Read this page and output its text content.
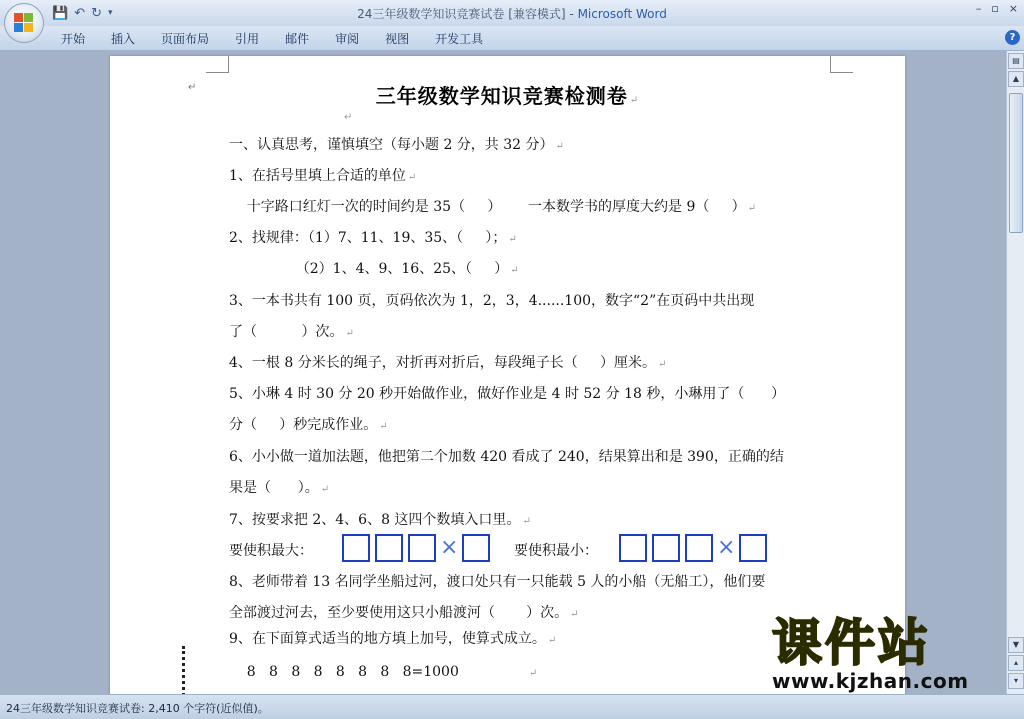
💾 ↶ ↻ ▾	24三年级数学知识竞赛试卷 [兼容模式] - Microsoft Word	– ▫ ×
开始	插入	页面布局	引用	邮件	审阅	视图	开发工具	?
↵	三年级数学知识竞赛检测卷 ↵
↵
一、认真思考，谨慎填空（每小题 2 分，共 32 分） ↵
1、在括号里填上合适的单位 ↵
十字路口红灯一次的时间约是 35（     ）      一本数学书的厚度大约是 9（     ） ↵
2、找规律：（1）7、11、19、35、（     ）； ↵
（2）1、4、9、16、25、（     ） ↵
3、一本书共有 100 页，页码依次为 1，2，3，4......100，数字“2”在页码中共出现
了（          ）次。 ↵
4、一根 8 分米长的绳子，对折再对折后，每段绳子长（     ）厘米。 ↵
5、小琳 4 时 30 分 20 秒开始做作业，做好作业是 4 时 52 分 18 秒，小琳用了（      ）
分（     ）秒完成作业。 ↵
6、小小做一道加法题，他把第二个加数 420 看成了 240，结果算出和是 390，正确的结
果是（      ）。 ↵
7、按要求把 2、4、6、8 这四个数填入口里。 ↵
要使积最大：	×	要使积最小：	×
8、老师带着 13 名同学坐船过河，渡口处只有一只能载 5 人的小船（无船工），他们要
全部渡过河去，至少要使用这只小船渡河（       ）次。 ↵
9、在下面算式适当的地方填上加号，使算式成立。 ↵
8   8   8   8   8   8   8   8=1000	↵
课件站
www.kjzhan.com
▤
▲
▼
▴
▾
24三年级数学知识竞赛试卷: 2,410 个字符(近似值)。
